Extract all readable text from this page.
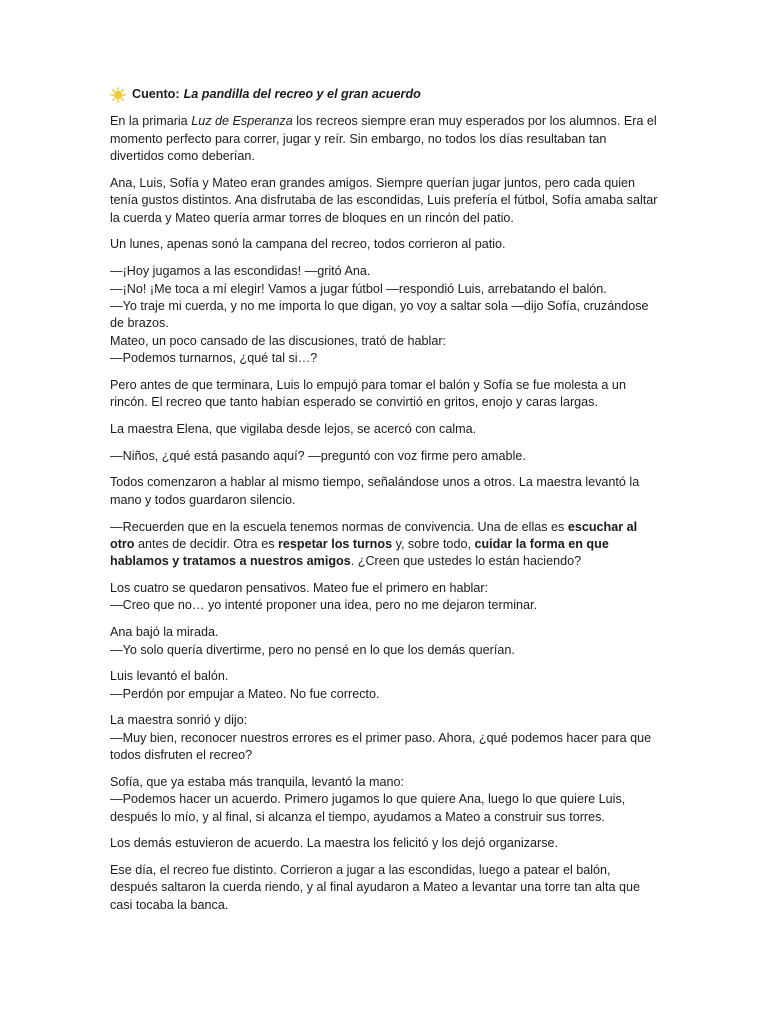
Cuento: La pandilla del recreo y el gran acuerdo

En la primaria Luz de Esperanza los recreos siempre eran muy esperados por los alumnos. Era el momento perfecto para correr, jugar y reír. Sin embargo, no todos los días resultaban tan divertidos como deberían.

Ana, Luis, Sofía y Mateo eran grandes amigos. Siempre querían jugar juntos, pero cada quien tenía gustos distintos. Ana disfrutaba de las escondidas, Luis prefería el fútbol, Sofía amaba saltar la cuerda y Mateo quería armar torres de bloques en un rincón del patio.

Un lunes, apenas sonó la campana del recreo, todos corrieron al patio.

—¡Hoy jugamos a las escondidas! —gritó Ana.
—¡No! ¡Me toca a mí elegir! Vamos a jugar fútbol —respondió Luis, arrebatando el balón.
—Yo traje mi cuerda, y no me importa lo que digan, yo voy a saltar sola —dijo Sofía, cruzándose de brazos.
Mateo, un poco cansado de las discusiones, trató de hablar:
—Podemos turnarnos, ¿qué tal si…?

Pero antes de que terminara, Luis lo empujó para tomar el balón y Sofía se fue molesta a un rincón. El recreo que tanto habían esperado se convirtió en gritos, enojo y caras largas.

La maestra Elena, que vigilaba desde lejos, se acercó con calma.

—Niños, ¿qué está pasando aquí? —preguntó con voz firme pero amable.

Todos comenzaron a hablar al mismo tiempo, señalándose unos a otros. La maestra levantó la mano y todos guardaron silencio.

—Recuerden que en la escuela tenemos normas de convivencia. Una de ellas es escuchar al otro antes de decidir. Otra es respetar los turnos y, sobre todo, cuidar la forma en que hablamos y tratamos a nuestros amigos. ¿Creen que ustedes lo están haciendo?

Los cuatro se quedaron pensativos. Mateo fue el primero en hablar:
—Creo que no… yo intenté proponer una idea, pero no me dejaron terminar.

Ana bajó la mirada.
—Yo solo quería divertirme, pero no pensé en lo que los demás querían.

Luis levantó el balón.
—Perdón por empujar a Mateo. No fue correcto.

La maestra sonrió y dijo:
—Muy bien, reconocer nuestros errores es el primer paso. Ahora, ¿qué podemos hacer para que todos disfruten el recreo?

Sofía, que ya estaba más tranquila, levantó la mano:
—Podemos hacer un acuerdo. Primero jugamos lo que quiere Ana, luego lo que quiere Luis, después lo mío, y al final, si alcanza el tiempo, ayudamos a Mateo a construir sus torres.

Los demás estuvieron de acuerdo. La maestra los felicitó y los dejó organizarse.

Ese día, el recreo fue distinto. Corrieron a jugar a las escondidas, luego a patear el balón, después saltaron la cuerda riendo, y al final ayudaron a Mateo a levantar una torre tan alta que casi tocaba la banca.
